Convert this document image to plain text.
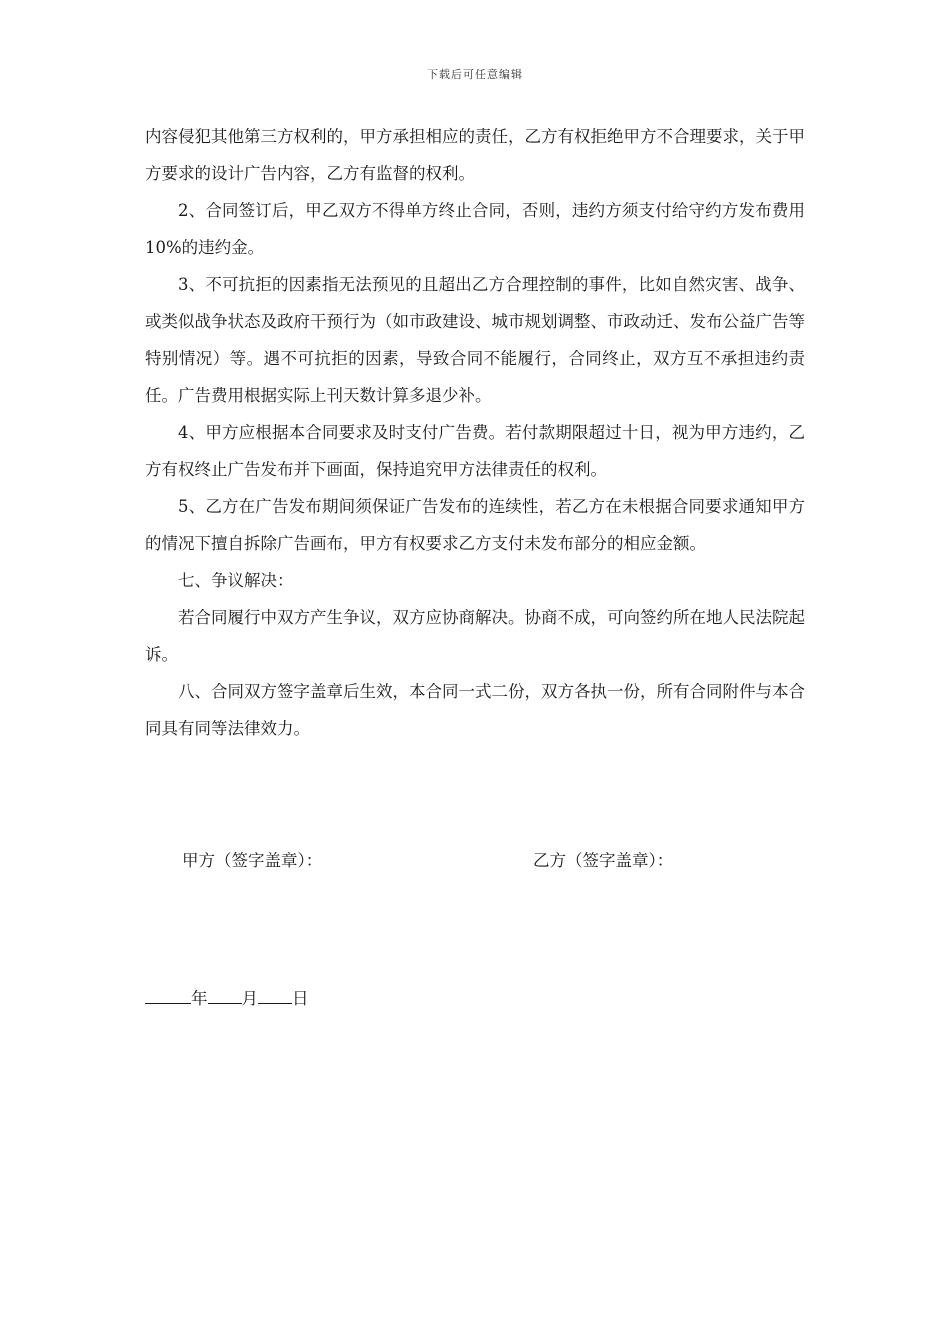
下载后可任意编辑

内容侵犯其他第三方权利的，甲方承担相应的责任，乙方有权拒绝甲方不合理要求，关于甲方要求的设计广告内容，乙方有监督的权利。

2、合同签订后，甲乙双方不得单方终止合同，否则，违约方须支付给守约方发布费用10%的违约金。

3、不可抗拒的因素指无法预见的且超出乙方合理控制的事件，比如自然灾害、战争、或类似战争状态及政府干预行为（如市政建设、城市规划调整、市政动迁、发布公益广告等特别情况）等。遇不可抗拒的因素，导致合同不能履行，合同终止，双方互不承担违约责任。广告费用根据实际上刊天数计算多退少补。

4、甲方应根据本合同要求及时支付广告费。若付款期限超过十日，视为甲方违约，乙方有权终止广告发布并下画面，保持追究甲方法律责任的权利。

5、乙方在广告发布期间须保证广告发布的连续性，若乙方在未根据合同要求通知甲方的情况下擅自拆除广告画布，甲方有权要求乙方支付未发布部分的相应金额。

七、争议解决：

若合同履行中双方产生争议，双方应协商解决。协商不成，可向签约所在地人民法院起诉。

八、合同双方签字盖章后生效，本合同一式二份，双方各执一份，所有合同附件与本合同具有同等法律效力。

甲方（签字盖章）：	乙方（签字盖章）：
年 月 日
